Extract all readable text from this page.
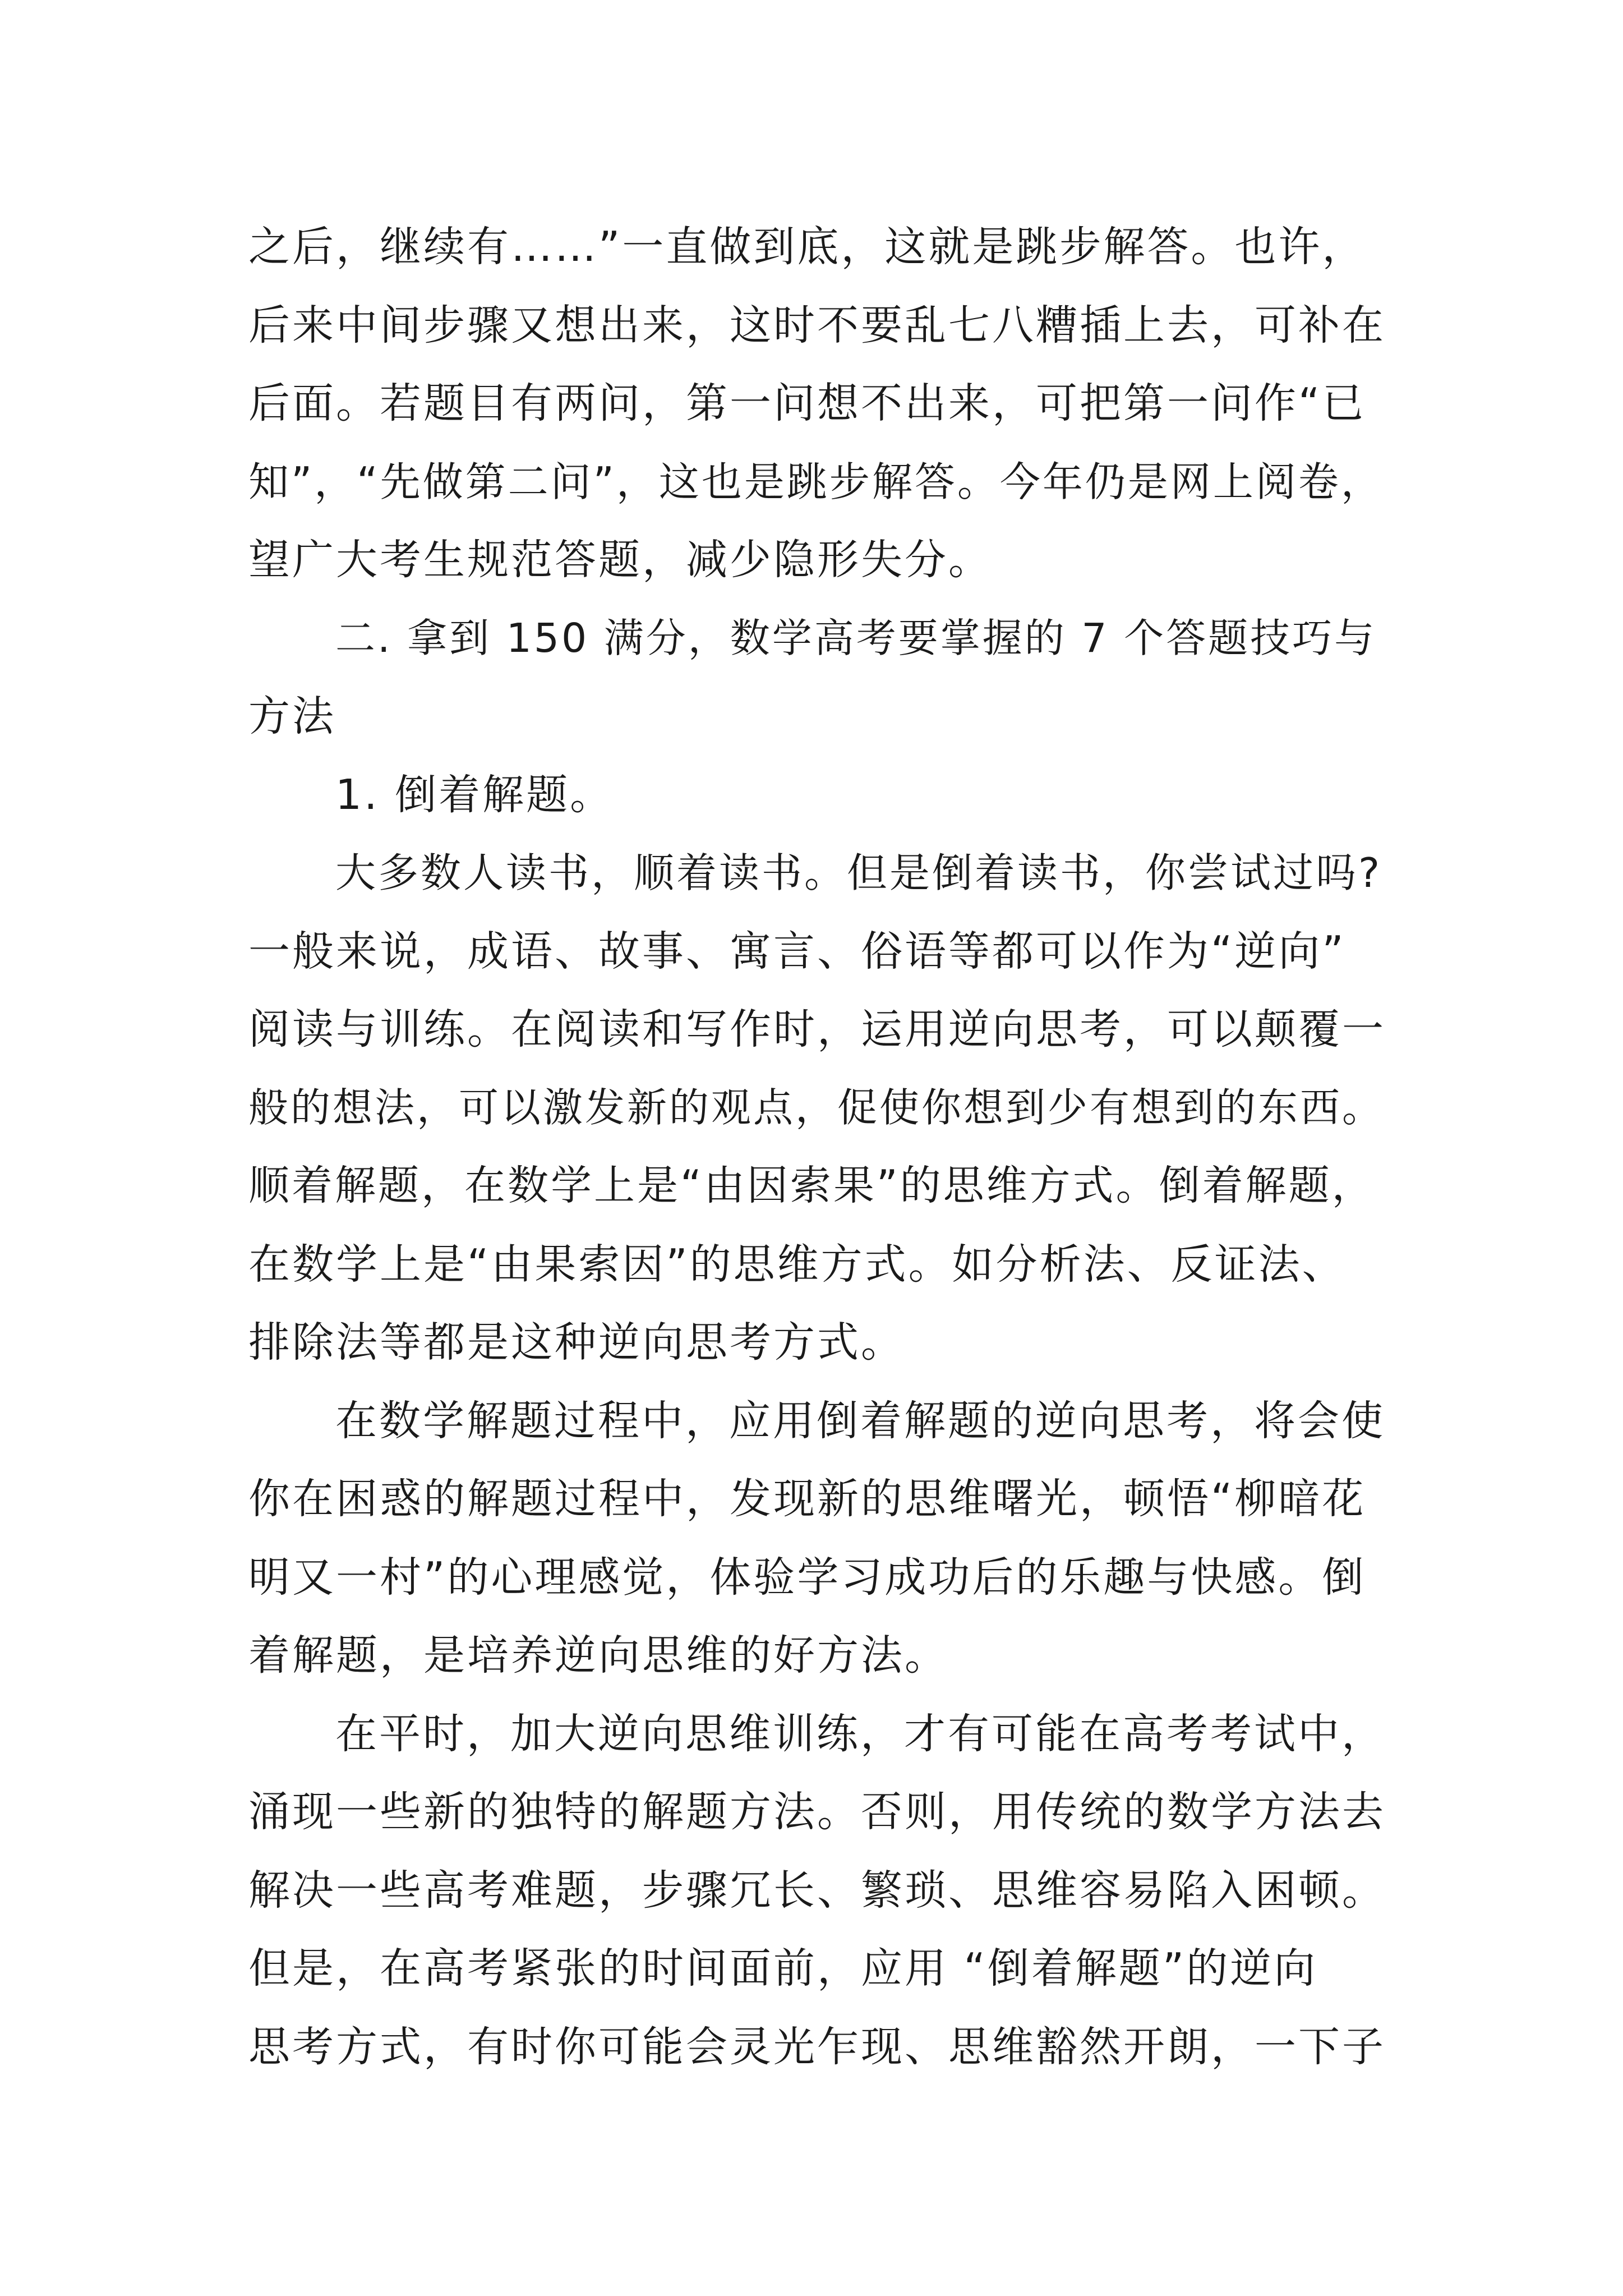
之后，继续有……”一直做到底，这就是跳步解答。也许，
后来中间步骤又想出来，这时不要乱七八糟插上去，可补在
后面。若题目有两问，第一问想不出来，可把第一问作“已
知”，“先做第二问”，这也是跳步解答。今年仍是网上阅卷，
望广大考生规范答题，减少隐形失分。
二. 拿到 150 满分，数学高考要掌握的 7 个答题技巧与
方法
1. 倒着解题。
大多数人读书，顺着读书。但是倒着读书，你尝试过吗?
一般来说，成语、故事、寓言、俗语等都可以作为“逆向”
阅读与训练。在阅读和写作时，运用逆向思考，可以颠覆一
般的想法，可以激发新的观点，促使你想到少有想到的东西。
顺着解题，在数学上是“由因索果”的思维方式。倒着解题，
在数学上是“由果索因”的思维方式。如分析法、反证法、
排除法等都是这种逆向思考方式。
在数学解题过程中，应用倒着解题的逆向思考，将会使
你在困惑的解题过程中，发现新的思维曙光，顿悟“柳暗花
明又一村”的心理感觉，体验学习成功后的乐趣与快感。倒
着解题，是培养逆向思维的好方法。
在平时，加大逆向思维训练，才有可能在高考考试中，
涌现一些新的独特的解题方法。否则，用传统的数学方法去
解决一些高考难题，步骤冗长、繁琐、思维容易陷入困顿。
但是，在高考紧张的时间面前，应用 “倒着解题”的逆向
思考方式，有时你可能会灵光乍现、思维豁然开朗，一下子
